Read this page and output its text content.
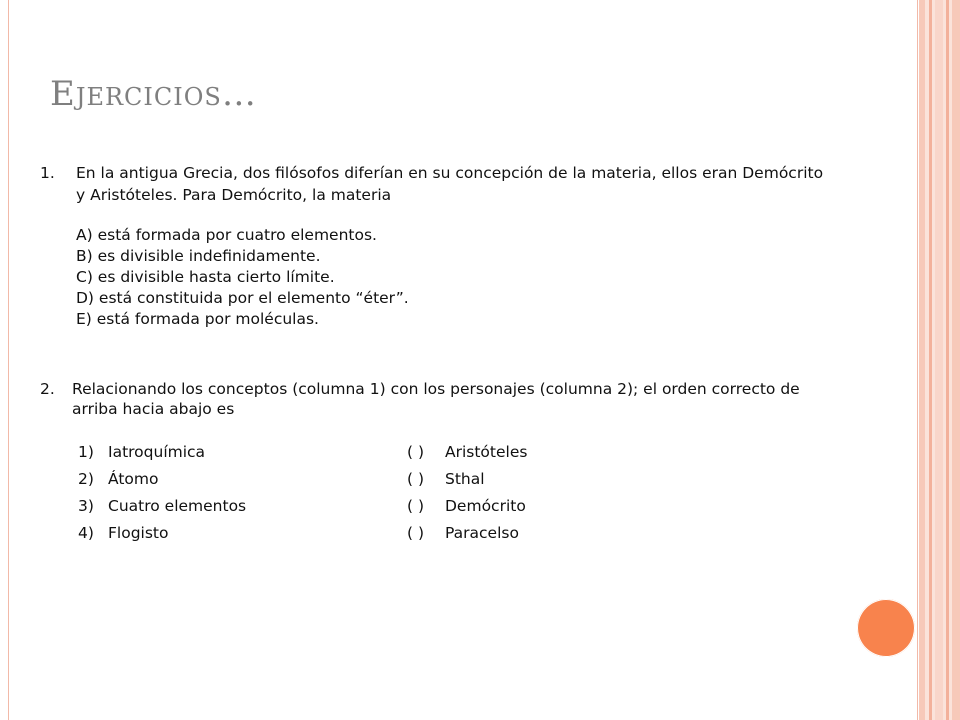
Ejercicios…
1. En la antigua Grecia, dos filósofos diferían en su concepción de la materia, ellos eran Demócrito
y Aristóteles. Para Demócrito, la materia
A) está formada por cuatro elementos.
B) es divisible indefinidamente.
C) es divisible hasta cierto límite.
D) está constituida por el elemento “éter”.
E) está formada por moléculas.
2. Relacionando los conceptos (columna 1) con los personajes (columna 2); el orden correcto de
arriba hacia abajo es
1) Iatroquímica
2) Átomo
3) Cuatro elementos
4) Flogisto
( ) Aristóteles
( ) Sthal
( ) Demócrito
( ) Paracelso
